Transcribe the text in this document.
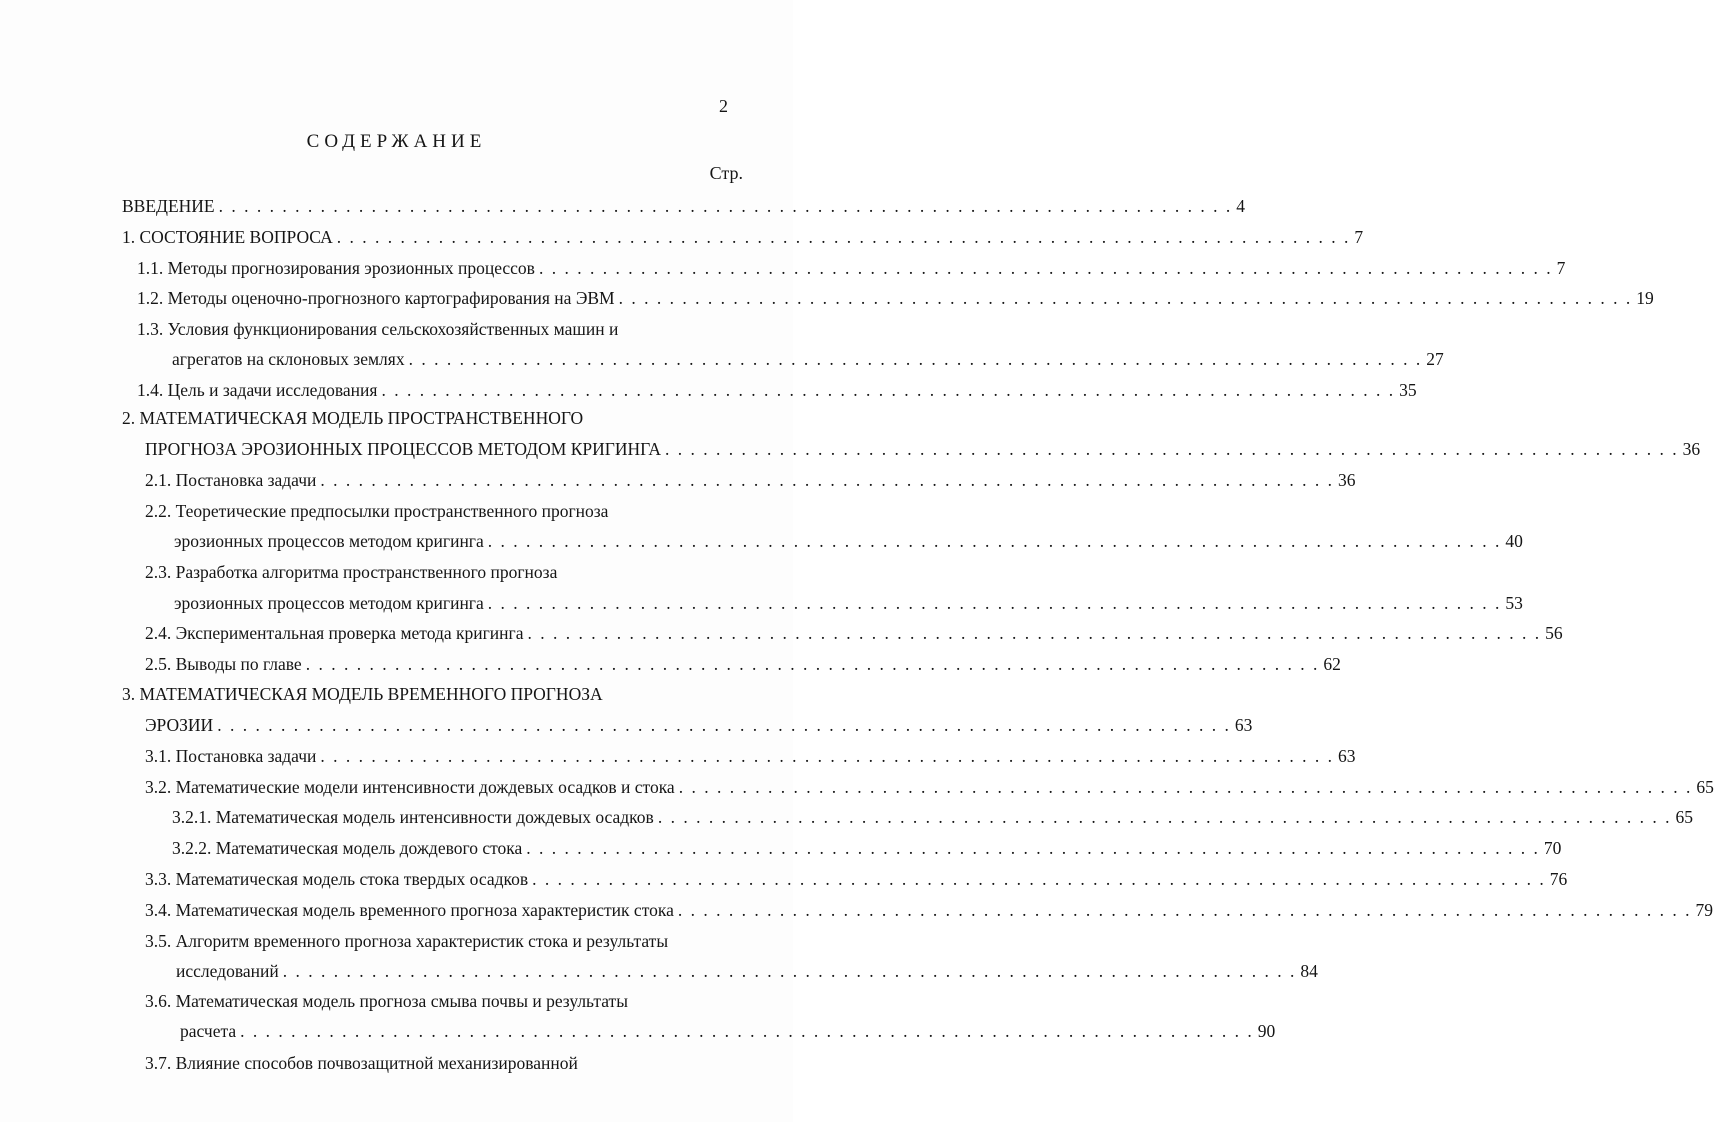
2
СОДЕРЖАНИЕ
Стр.
ВВЕДЕНИЕ . . . . . . . . . . . . . . . . . . . . . . . . . . . . . . . . . . . . . . . . . . . . . . . . . . . . . . . . . . . . . . . . . . . . . . . . . . . . . . . . 4
1. СОСТОЯНИЕ ВОПРОСА . . . . . . . . . . . . . . . . . . . . . . . . . . . . . . . . . . . . . . . . . . . . . . . . . . . . . . . . . . . . . . . . . . . . . . . . . . . . . . . . 7
1.1. Методы прогнозирования эрозионных процессов . . . . . . . . . . . . . . . . . . . . . . . . . . . . . . . . . . . . . . . . . . . . . . . . . . . . . . . . . . . . . . . . . . . . . . . . . . . . . . . . 7
1.2. Методы оценочно-прогнозного картографирования на ЭВМ . . . . . . . . . . . . . . . . . . . . . . . . . . . . . . . . . . . . . . . . . . . . . . . . . . . . . . . . . . . . . . . . . . . . . . . . . . . . . . . . 19
1.3. Условия функционирования сельскохозяйственных машин и
агрегатов на склоновых землях . . . . . . . . . . . . . . . . . . . . . . . . . . . . . . . . . . . . . . . . . . . . . . . . . . . . . . . . . . . . . . . . . . . . . . . . . . . . . . . . 27
1.4. Цель и задачи исследования . . . . . . . . . . . . . . . . . . . . . . . . . . . . . . . . . . . . . . . . . . . . . . . . . . . . . . . . . . . . . . . . . . . . . . . . . . . . . . . . 35
2. МАТЕМАТИЧЕСКАЯ МОДЕЛЬ ПРОСТРАНСТВЕННОГО
ПРОГНОЗА ЭРОЗИОННЫХ ПРОЦЕССОВ МЕТОДОМ КРИГИНГА . . . . . . . . . . . . . . . . . . . . . . . . . . . . . . . . . . . . . . . . . . . . . . . . . . . . . . . . . . . . . . . . . . . . . . . . . . . . . . . . 36
2.1. Постановка задачи . . . . . . . . . . . . . . . . . . . . . . . . . . . . . . . . . . . . . . . . . . . . . . . . . . . . . . . . . . . . . . . . . . . . . . . . . . . . . . . . 36
2.2. Теоретические предпосылки пространственного прогноза
эрозионных процессов методом кригинга . . . . . . . . . . . . . . . . . . . . . . . . . . . . . . . . . . . . . . . . . . . . . . . . . . . . . . . . . . . . . . . . . . . . . . . . . . . . . . . . 40
2.3. Разработка алгоритма пространственного прогноза
эрозионных процессов методом кригинга . . . . . . . . . . . . . . . . . . . . . . . . . . . . . . . . . . . . . . . . . . . . . . . . . . . . . . . . . . . . . . . . . . . . . . . . . . . . . . . . 53
2.4. Экспериментальная проверка метода кригинга . . . . . . . . . . . . . . . . . . . . . . . . . . . . . . . . . . . . . . . . . . . . . . . . . . . . . . . . . . . . . . . . . . . . . . . . . . . . . . . . 56
2.5. Выводы по главе . . . . . . . . . . . . . . . . . . . . . . . . . . . . . . . . . . . . . . . . . . . . . . . . . . . . . . . . . . . . . . . . . . . . . . . . . . . . . . . . 62
3. МАТЕМАТИЧЕСКАЯ МОДЕЛЬ ВРЕМЕННОГО ПРОГНОЗА
ЭРОЗИИ . . . . . . . . . . . . . . . . . . . . . . . . . . . . . . . . . . . . . . . . . . . . . . . . . . . . . . . . . . . . . . . . . . . . . . . . . . . . . . . . 63
3.1. Постановка задачи . . . . . . . . . . . . . . . . . . . . . . . . . . . . . . . . . . . . . . . . . . . . . . . . . . . . . . . . . . . . . . . . . . . . . . . . . . . . . . . . 63
3.2. Математические модели интенсивности дождевых осадков и стока . . . . . . . . . . . . . . . . . . . . . . . . . . . . . . . . . . . . . . . . . . . . . . . . . . . . . . . . . . . . . . . . . . . . . . . . . . . . . . . . 65
3.2.1. Математическая модель интенсивности дождевых осадков . . . . . . . . . . . . . . . . . . . . . . . . . . . . . . . . . . . . . . . . . . . . . . . . . . . . . . . . . . . . . . . . . . . . . . . . . . . . . . . . 65
3.2.2. Математическая модель дождевого стока . . . . . . . . . . . . . . . . . . . . . . . . . . . . . . . . . . . . . . . . . . . . . . . . . . . . . . . . . . . . . . . . . . . . . . . . . . . . . . . . 70
3.3. Математическая модель стока твердых осадков . . . . . . . . . . . . . . . . . . . . . . . . . . . . . . . . . . . . . . . . . . . . . . . . . . . . . . . . . . . . . . . . . . . . . . . . . . . . . . . . 76
3.4. Математическая модель временного прогноза характеристик стока . . . . . . . . . . . . . . . . . . . . . . . . . . . . . . . . . . . . . . . . . . . . . . . . . . . . . . . . . . . . . . . . . . . . . . . . . . . . . . . . 79
3.5. Алгоритм временного прогноза характеристик стока и результаты
исследований . . . . . . . . . . . . . . . . . . . . . . . . . . . . . . . . . . . . . . . . . . . . . . . . . . . . . . . . . . . . . . . . . . . . . . . . . . . . . . . . 84
3.6. Математическая модель прогноза смыва почвы и результаты
расчета . . . . . . . . . . . . . . . . . . . . . . . . . . . . . . . . . . . . . . . . . . . . . . . . . . . . . . . . . . . . . . . . . . . . . . . . . . . . . . . . 90
3.7. Влияние способов почвозащитной механизированной
